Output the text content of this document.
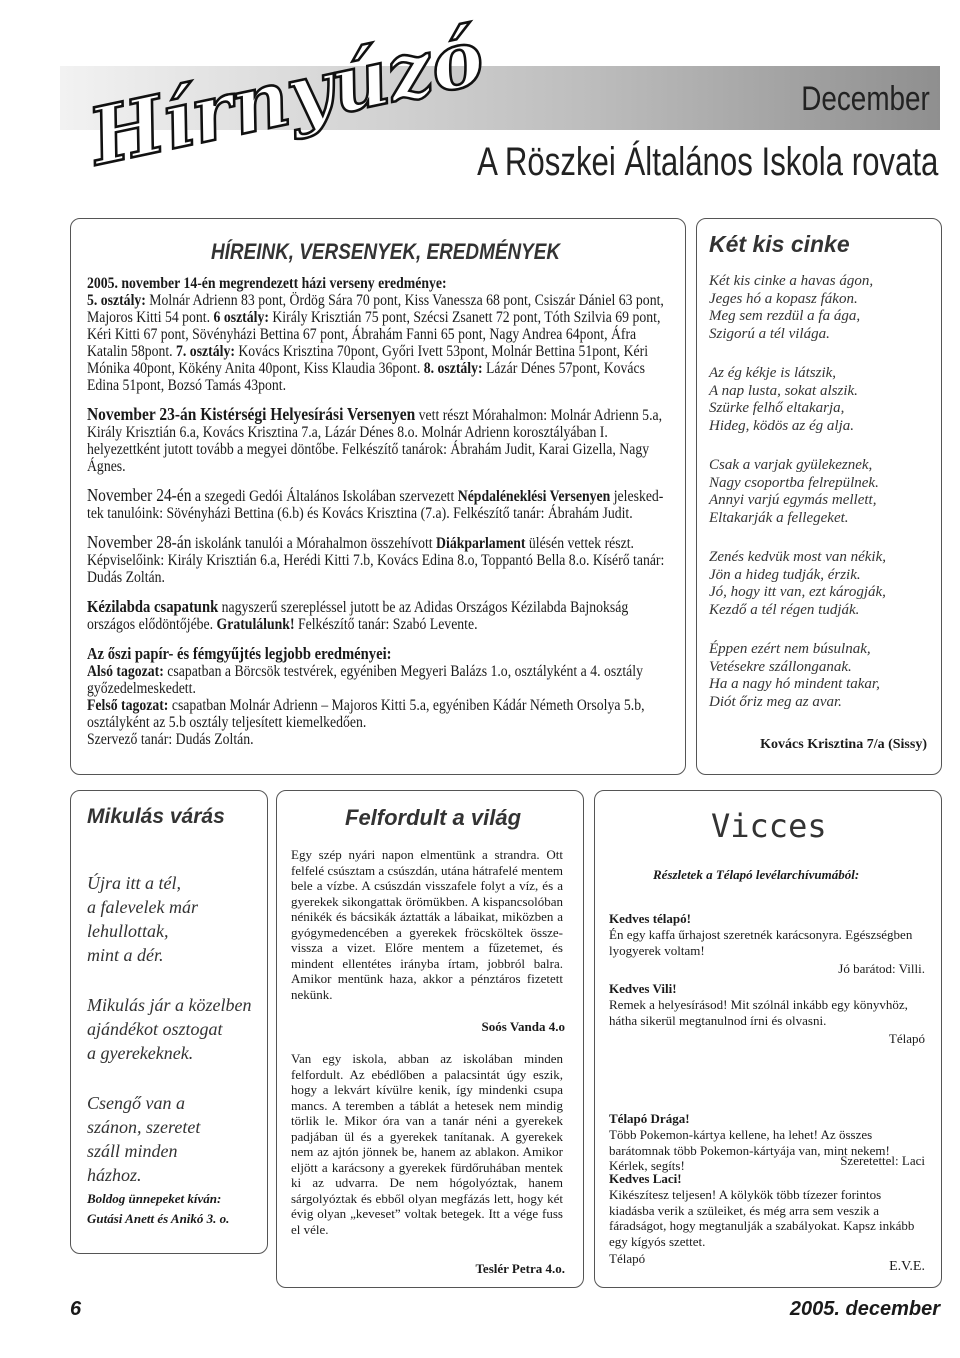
Hírnyúzó	December
A Röszkei Általános Iskola rovata
HÍREINK, VERSENYEK, EREDMÉNYEK

2005. november 14-én megrendezett házi verseny eredménye:
5. osztály: Molnár Adrienn 83 pont, Ördög Sára 70 pont, Kiss Vanessza 68 pont, Csiszár Dániel 63 pont, Majoros Kitti 54 pont. 6 osztály: Király Krisztián 75 pont, Szécsi Zsanett 72 pont, Tóth Szilvia 69 pont, Kéri Kitti 67 pont, Sövényházi Bettina 67 pont, Ábrahám Fanni 65 pont, Nagy Andrea 64pont, Áfra Katalin 58pont. 7. osztály: Kovács Krisztina 70pont, Győri Ivett 53pont, Molnár Bettina 51pont, Kéri Mónika 40pont, Kökény Anita 40pont, Kiss Klaudia 36pont. 8. osztály: Lázár Dénes 57pont, Kovács Edina 51pont, Bozsó Tamás 43pont.

November 23-án Kistérségi Helyesírási Versenyen vett részt Mórahalmon: Molnár Adrienn 5.a, Király Krisztián 6.a, Kovács Krisztina 7.a, Lázár Dénes 8.o. Molnár Adrienn korosztályában I. helyezettként jutott tovább a megyei döntőbe. Felkészítő tanárok: Ábrahám Judit, Karai Gizella, Nagy Ágnes.

November 24-én a szegedi Gedói Általános Iskolában szervezett Népdaléneklési Versenyen jeleskedtek tanulóink: Sövényházi Bettina (6.b) és Kovács Krisztina (7.a). Felkészítő tanár: Ábrahám Judit.

November 28-án iskolánk tanulói a Mórahalmon összehívott Diákparlament ülésén vettek részt. Képviselőink: Király Krisztián 6.a, Herédi Kitti 7.b, Kovács Edina 8.o, Toppantó Bella 8.o. Kísérő tanár: Dudás Zoltán.

Kézilabda csapatunk nagyszerű szerepléssel jutott be az Adidas Országos Kézilabda Bajnokság országos elődöntőjébe. Gratulálunk! Felkészítő tanár: Szabó Levente.

Az őszi papír- és fémgyűjtés legjobb eredményei:
Alsó tagozat: csapatban a Börcsök testvérek, egyéniben Megyeri Balázs 1.o, osztályként a 4. osztály győzedelmeskedett.
Felső tagozat: csapatban Molnár Adrienn – Majoros Kitti 5.a, egyéniben Kádár Németh Orsolya 5.b, osztályként az 5.b osztály teljesített kiemelkedően.
Szervező tanár: Dudás Zoltán.

Két kis cinke
Két kis cinke a havas ágon,
Jeges hó a kopasz fákon.
Meg sem rezdül a fa ága,
Szigorú a tél világa.
Az ég kékje is látszik,
A nap lusta, sokat alszik.
Szürke felhő eltakarja,
Hideg, ködös az ég alja.
Csak a varjak gyülekeznek,
Nagy csoportba felrepülnek.
Annyi varjú egymás mellett,
Eltakarják a fellegeket.
Zenés kedvük most van nékik,
Jön a hideg tudják, érzik.
Jó, hogy itt van, ezt károgják,
Kezdő a tél régen tudják.
Éppen ezért nem búsulnak,
Vetésekre szállonganak.
Ha a nagy hó mindent takar,
Diót őriz meg az avar.
Kovács Krisztina 7/a (Sissy)
Mikulás várás
Újra itt a tél,
a falevelek már
lehullottak,
mint a dér.
Mikulás jár a közelben
ajándékot osztogat
a gyerekeknek.
Csengő van a
szánon, szeretet
száll minden
házhoz.
Boldog ünnepeket kíván:
Gutási Anett és Anikó 3. o.
Felfordult a világ
Egy szép nyári napon elmentünk a strandra. Ott felfelé csúsztam a csúszdán, utána hátrafelé mentem bele a vízbe. A csúszdán visszafele folyt a víz, és a gyerekek sikongattak örömükben. A kispancsolóban nénikék és bácsikák áztatták a lábaikat, miközben a gyógymedencében a gyerekek fröcsköltek össze-vissza a vizet. Előre mentem a fűzetemet, és mindent ellentétes irányba írtam, jobbról balra. Amikor mentünk haza, akkor a pénztáros fizetett nekünk.
Soós Vanda 4.o
Van egy iskola, abban az iskolában minden felfordult. Az ebédlőben a palacsintát úgy eszik, hogy a lekvárt kívülre kenik, így mindenki csupa mancs. A teremben a táblát a hetesek nem mindig törlik le. Mikor óra van a tanár néni a gyerekek padjában ül és a gyerekek tanítanak. A gyerekek nem az ajtón jönnek be, hanem az ablakon. Amikor eljött a karácsony a gyerekek fürdőruhában mentek ki az udvarra. De nem hógolyóztak, hanem sárgolyóztak és ebből olyan megfázás lett, hogy két évig olyan „keveset” voltak betegek. Itt a vége fuss el véle.
Teslér Petra 4.o.
Vicces
Részletek a Télapó levélarchívumából:
Kedves télapó!
Én egy kaffa űrhajost szeretnék karácsonyra. Egészségben lyogyerek voltam!
Jó barátod: Villi.
Kedves Vili!
Remek a helyesírásod! Mit szólnál inkább egy könyvhöz, hátha sikerül megtanulnod írni és olvasni.
Télapó
Télapó Drága!
Több Pokemon-kártya kellene, ha lehet! Az összes barátomnak több Pokemon-kártyája van, mint nekem! Kérlek, segíts!	Szeretettel: Laci
Kedves Laci!
Kikészítesz teljesen! A kölykök több tízezer forintos kiadásba verik a szüleiket, és még arra sem veszik a fáradságot, hogy megtanulják a szabályokat. Kapsz inkább egy kígyós szettet.
Télapó
E.V.E.
6	2005. december
